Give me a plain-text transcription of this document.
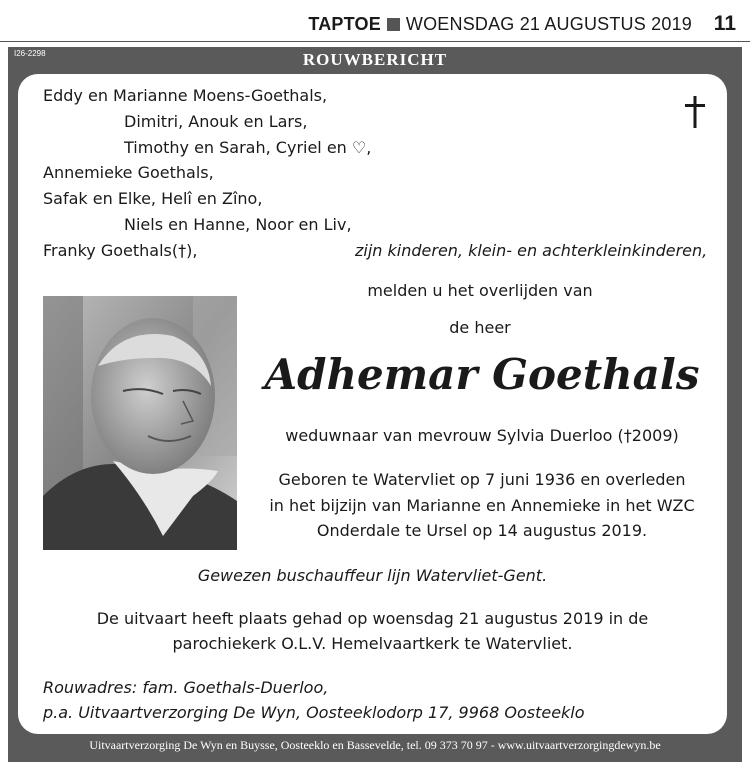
TAPTOE WOENSDAG 21 AUGUSTUS 2019 11
I26-2298	ROUWBERICHT
Eddy en Marianne Moens-Goethals,
Dimitri, Anouk en Lars,
Timothy en Sarah, Cyriel en ♡,
Annemieke Goethals,
Safak en Elke, Helî en Zîno,
Niels en Hanne, Noor en Liv,
Franky Goethals(†),	zijn kinderen, klein- en achterkleinkinderen,
melden u het overlijden van
de heer
Adhemar Goethals
weduwnaar van mevrouw Sylvia Duerloo (†2009)
Geboren te Watervliet op 7 juni 1936 en overleden
in het bijzijn van Marianne en Annemieke in het WZC
Onderdale te Ursel op 14 augustus 2019.
Gewezen buschauffeur lijn Watervliet-Gent.
De uitvaart heeft plaats gehad op woensdag 21 augustus 2019 in de
parochiekerk O.L.V. Hemelvaartkerk te Watervliet.
Rouwadres: fam. Goethals-Duerloo,
p.a. Uitvaartverzorging De Wyn, Oosteeklodorp 17, 9968 Oosteeklo
Uitvaartverzorging De Wyn en Buysse, Oosteeklo en Bassevelde, tel. 09 373 70 97 - www.uitvaartverzorgingdewyn.be
